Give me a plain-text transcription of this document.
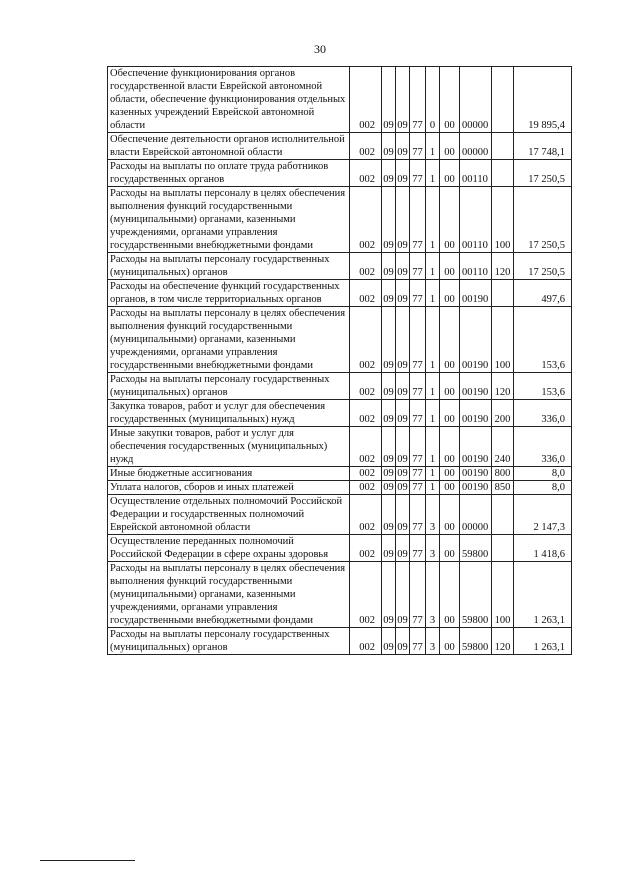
30
Обеспечение функционирования органов государственной власти Еврейской автономной области, обеспечение функционирования отдельных казенных учреждений Еврейской автономной области	002	09	09	77	0	00	00000		19 895,4
Обеспечение деятельности органов исполнительной власти Еврейской автономной области	002	09	09	77	1	00	00000		17 748,1
Расходы на выплаты по оплате труда работников государственных органов	002	09	09	77	1	00	00110		17 250,5
Расходы на выплаты персоналу в целях обеспечения выполнения функций государственными (муниципальными) органами, казенными учреждениями, органами управления государственными внебюджетными фондами	002	09	09	77	1	00	00110	100	17 250,5
Расходы на выплаты персоналу государственных (муниципальных) органов	002	09	09	77	1	00	00110	120	17 250,5
Расходы на обеспечение функций государственных органов, в том числе территориальных органов	002	09	09	77	1	00	00190		497,6
Расходы на выплаты персоналу в целях обеспечения выполнения функций государственными (муниципальными) органами, казенными учреждениями, органами управления государственными внебюджетными фондами	002	09	09	77	1	00	00190	100	153,6
Расходы на выплаты персоналу государственных (муниципальных) органов	002	09	09	77	1	00	00190	120	153,6
Закупка товаров, работ и услуг для обеспечения государственных (муниципальных) нужд	002	09	09	77	1	00	00190	200	336,0
Иные закупки товаров, работ и услуг для обеспечения государственных (муниципальных) нужд	002	09	09	77	1	00	00190	240	336,0
Иные бюджетные ассигнования	002	09	09	77	1	00	00190	800	8,0
Уплата налогов, сборов и иных платежей	002	09	09	77	1	00	00190	850	8,0
Осуществление отдельных полномочий Российской Федерации и государственных полномочий Еврейской автономной области	002	09	09	77	3	00	00000		2 147,3
Осуществление переданных полномочий Российской Федерации в сфере охраны здоровья	002	09	09	77	3	00	59800		1 418,6
Расходы на выплаты персоналу в целях обеспечения выполнения функций государственными (муниципальными) органами, казенными учреждениями, органами управления государственными внебюджетными фондами	002	09	09	77	3	00	59800	100	1 263,1
Расходы на выплаты персоналу государственных (муниципальных) органов	002	09	09	77	3	00	59800	120	1 263,1
